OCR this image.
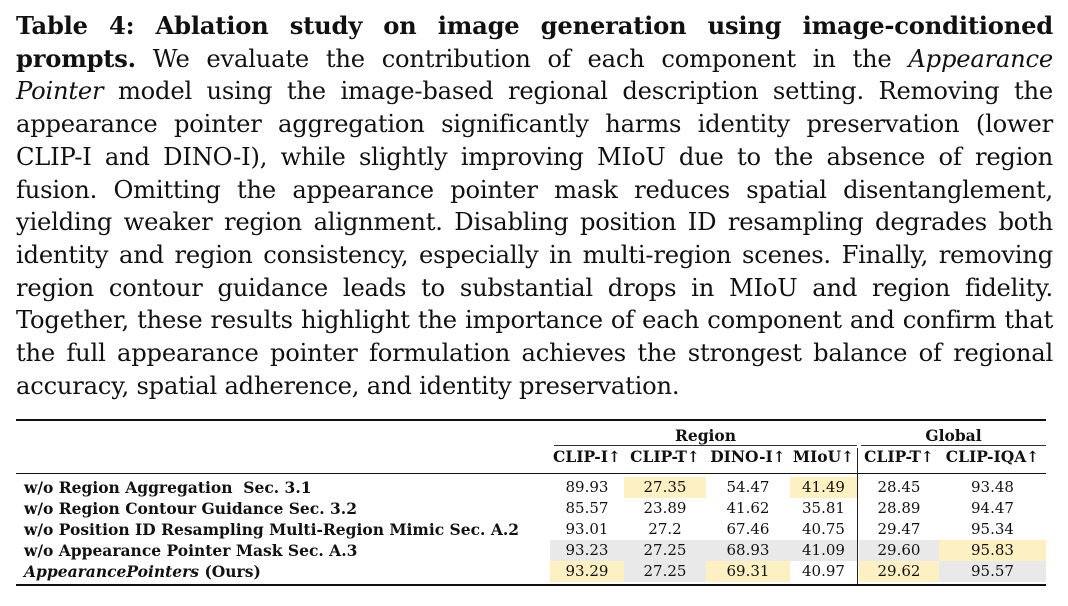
Table 4: Ablation study on image generation using image-conditioned prompts. We evaluate the contribution of each component in the Appearance Pointer model using the image-based regional description setting. Removing the appearance pointer aggregation significantly harms identity preservation (lower CLIP-I and DINO-I), while slightly improving MIoU due to the absence of region fusion. Omitting the appearance pointer mask reduces spatial disentanglement, yielding weaker region alignment. Disabling position ID resampling degrades both identity and region consistency, especially in multi-region scenes. Finally, removing region contour guidance leads to substantial drops in MIoU and region fidelity. Together, these results highlight the importance of each component and confirm that the full appearance pointer formulation achieves the strongest balance of regional accuracy, spatial adherence, and identity preservation.
Region	Global
CLIP-I↑ CLIP-T↑ DINO-I↑ MIoU↑ CLIP-T↑ CLIP-IQA↑
w/o Region Aggregation  Sec. 3.1	89.93	27.35	54.47	41.49	28.45	93.48
w/o Region Contour Guidance Sec. 3.2	85.57	23.89	41.62	35.81	28.89	94.47
w/o Position ID Resampling Multi-Region Mimic Sec. A.2	93.01	27.2	67.46	40.75	29.47	95.34
w/o Appearance Pointer Mask Sec. A.3	93.23	27.25	68.93	41.09	29.60	95.83
AppearancePointers (Ours)	93.29	27.25	69.31	40.97	29.62	95.57
